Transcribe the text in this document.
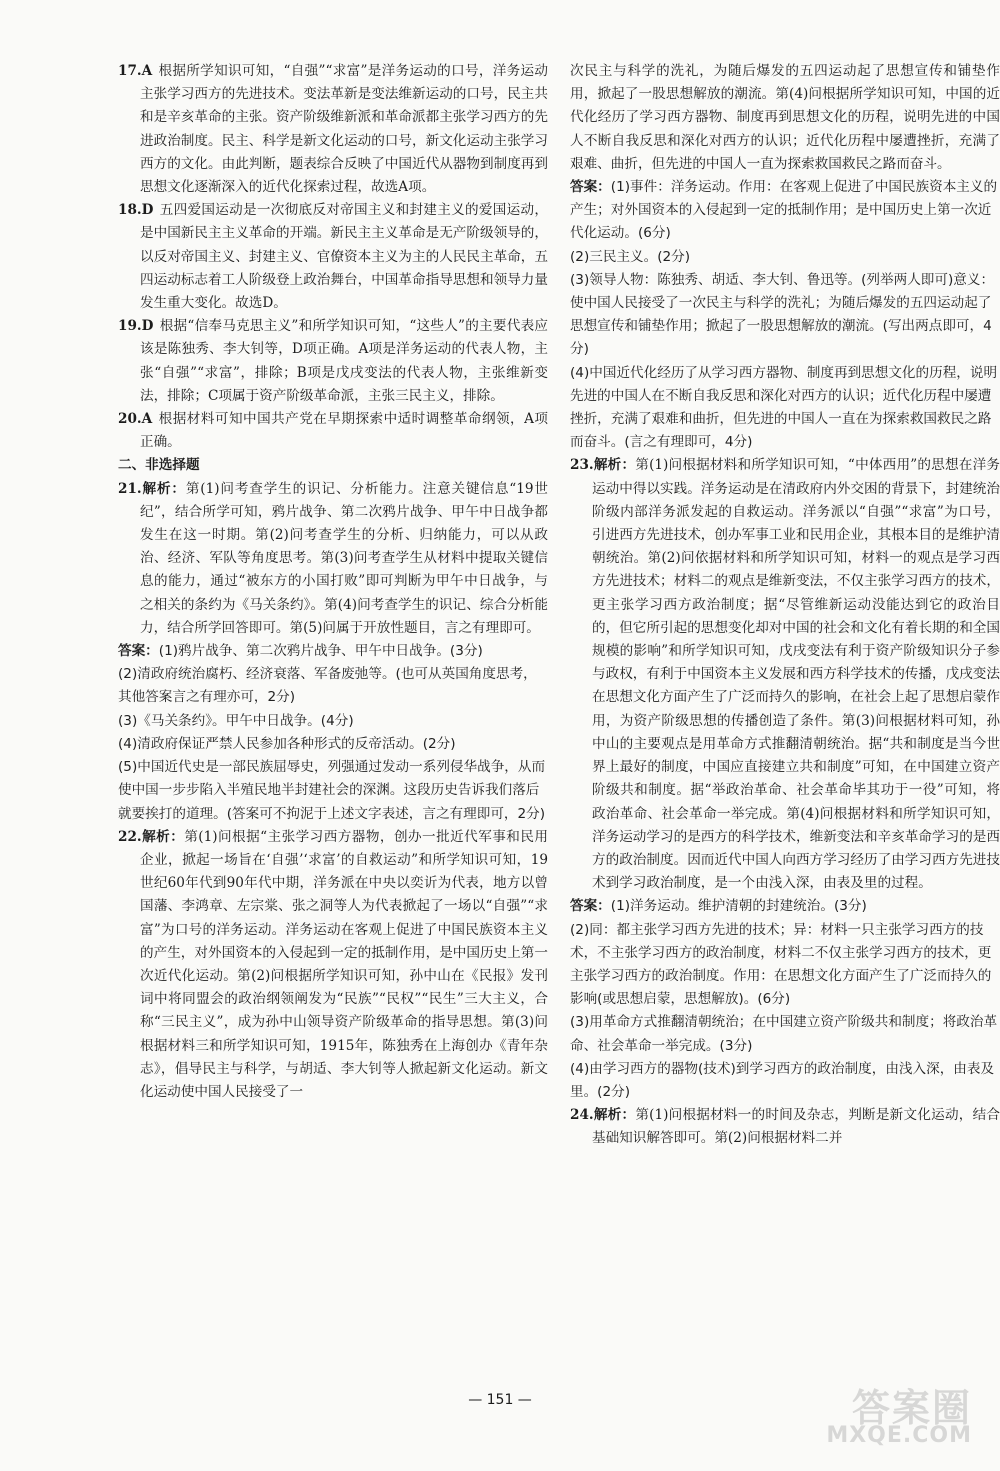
17.A 根据所学知识可知，“自强”“求富”是洋务运动的口号，洋务运动主张学习西方的先进技术。变法革新是变法维新运动的口号，民主共和是辛亥革命的主张。资产阶级维新派和革命派都主张学习西方的先进政治制度。民主、科学是新文化运动的口号，新文化运动主张学习西方的文化。由此判断，题表综合反映了中国近代从器物到制度再到思想文化逐渐深入的近代化探索过程，故选A项。

18.D 五四爱国运动是一次彻底反对帝国主义和封建主义的爱国运动，是中国新民主主义革命的开端。新民主主义革命是无产阶级领导的，以反对帝国主义、封建主义、官僚资本主义为主的人民民主革命，五四运动标志着工人阶级登上政治舞台，中国革命指导思想和领导力量发生重大变化。故选D。

19.D 根据“信奉马克思主义”和所学知识可知，“这些人”的主要代表应该是陈独秀、李大钊等，D项正确。A项是洋务运动的代表人物，主张“自强”“求富”，排除；B项是戊戌变法的代表人物，主张维新变法，排除；C项属于资产阶级革命派，主张三民主义，排除。

20.A 根据材料可知中国共产党在早期探索中适时调整革命纲领，A项正确。

二、非选择题

21.解析：第(1)问考查学生的识记、分析能力。注意关键信息“19世纪”，结合所学可知，鸦片战争、第二次鸦片战争、甲午中日战争都发生在这一时期。第(2)问考查学生的分析、归纳能力，可以从政治、经济、军队等角度思考。第(3)问考查学生从材料中提取关键信息的能力，通过“被东方的小国打败”即可判断为甲午中日战争，与之相关的条约为《马关条约》。第(4)问考查学生的识记、综合分析能力，结合所学回答即可。第(5)问属于开放性题目，言之有理即可。

答案：(1)鸦片战争、第二次鸦片战争、甲午中日战争。(3分)

(2)清政府统治腐朽、经济衰落、军备废弛等。(也可从英国角度思考，其他答案言之有理亦可，2分)

(3)《马关条约》。甲午中日战争。(4分)

(4)清政府保证严禁人民参加各种形式的反帝活动。(2分)

(5)中国近代史是一部民族屈辱史，列强通过发动一系列侵华战争，从而使中国一步步陷入半殖民地半封建社会的深渊。这段历史告诉我们落后就要挨打的道理。(答案可不拘泥于上述文字表述，言之有理即可，2分)

22.解析：第(1)问根据“主张学习西方器物，创办一批近代军事和民用企业，掀起一场旨在‘自强’‘求富’的自救运动”和所学知识可知，19世纪60年代到90年代中期，洋务派在中央以奕䜣为代表，地方以曾国藩、李鸿章、左宗棠、张之洞等人为代表掀起了一场以“自强”“求富”为口号的洋务运动。洋务运动在客观上促进了中国民族资本主义的产生，对外国资本的入侵起到一定的抵制作用，是中国历史上第一次近代化运动。第(2)问根据所学知识可知，孙中山在《民报》发刊词中将同盟会的政治纲领阐发为“民族”“民权”“民生”三大主义，合称“三民主义”，成为孙中山领导资产阶级革命的指导思想。第(3)问根据材料三和所学知识可知，1915年，陈独秀在上海创办《青年杂志》，倡导民主与科学，与胡适、李大钊等人掀起新文化运动。新文化运动使中国人民接受了一

次民主与科学的洗礼，为随后爆发的五四运动起了思想宣传和铺垫作用，掀起了一股思想解放的潮流。第(4)问根据所学知识可知，中国的近代化经历了学习西方器物、制度再到思想文化的历程，说明先进的中国人不断自我反思和深化对西方的认识；近代化历程中屡遭挫折，充满了艰难、曲折，但先进的中国人一直为探索救国救民之路而奋斗。

答案：(1)事件：洋务运动。作用：在客观上促进了中国民族资本主义的产生；对外国资本的入侵起到一定的抵制作用；是中国历史上第一次近代化运动。(6分)

(2)三民主义。(2分)

(3)领导人物：陈独秀、胡适、李大钊、鲁迅等。(列举两人即可)意义：使中国人民接受了一次民主与科学的洗礼；为随后爆发的五四运动起了思想宣传和铺垫作用；掀起了一股思想解放的潮流。(写出两点即可，4分)

(4)中国近代化经历了从学习西方器物、制度再到思想文化的历程，说明先进的中国人在不断自我反思和深化对西方的认识；近代化历程中屡遭挫折，充满了艰难和曲折，但先进的中国人一直在为探索救国救民之路而奋斗。(言之有理即可，4分)

23.解析：第(1)问根据材料和所学知识可知，“中体西用”的思想在洋务运动中得以实践。洋务运动是在清政府内外交困的背景下，封建统治阶级内部洋务派发起的自救运动。洋务派以“自强”“求富”为口号，引进西方先进技术，创办军事工业和民用企业，其根本目的是维护清朝统治。第(2)问依据材料和所学知识可知，材料一的观点是学习西方先进技术；材料二的观点是维新变法，不仅主张学习西方的技术，更主张学习西方政治制度；据“尽管维新运动没能达到它的政治目的，但它所引起的思想变化却对中国的社会和文化有着长期的和全国规模的影响”和所学知识可知，戊戌变法有利于资产阶级知识分子参与政权，有利于中国资本主义发展和西方科学技术的传播，戊戌变法在思想文化方面产生了广泛而持久的影响，在社会上起了思想启蒙作用，为资产阶级思想的传播创造了条件。第(3)问根据材料可知，孙中山的主要观点是用革命方式推翻清朝统治。据“共和制度是当今世界上最好的制度，中国应直接建立共和制度”可知，在中国建立资产阶级共和制度。据“举政治革命、社会革命毕其功于一役”可知，将政治革命、社会革命一举完成。第(4)问根据材料和所学知识可知，洋务运动学习的是西方的科学技术，维新变法和辛亥革命学习的是西方的政治制度。因而近代中国人向西方学习经历了由学习西方先进技术到学习政治制度，是一个由浅入深，由表及里的过程。

答案：(1)洋务运动。维护清朝的封建统治。(3分)

(2)同：都主张学习西方先进的技术；异：材料一只主张学习西方的技术，不主张学习西方的政治制度，材料二不仅主张学习西方的技术，更主张学习西方的政治制度。作用：在思想文化方面产生了广泛而持久的影响(或思想启蒙，思想解放)。(6分)

(3)用革命方式推翻清朝统治；在中国建立资产阶级共和制度；将政治革命、社会革命一举完成。(3分)

(4)由学习西方的器物(技术)到学习西方的政治制度，由浅入深，由表及里。(2分)

24.解析：第(1)问根据材料一的时间及杂志，判断是新文化运动，结合基础知识解答即可。第(2)问根据材料二并

— 151 —	答案圈
MXQE.COM
